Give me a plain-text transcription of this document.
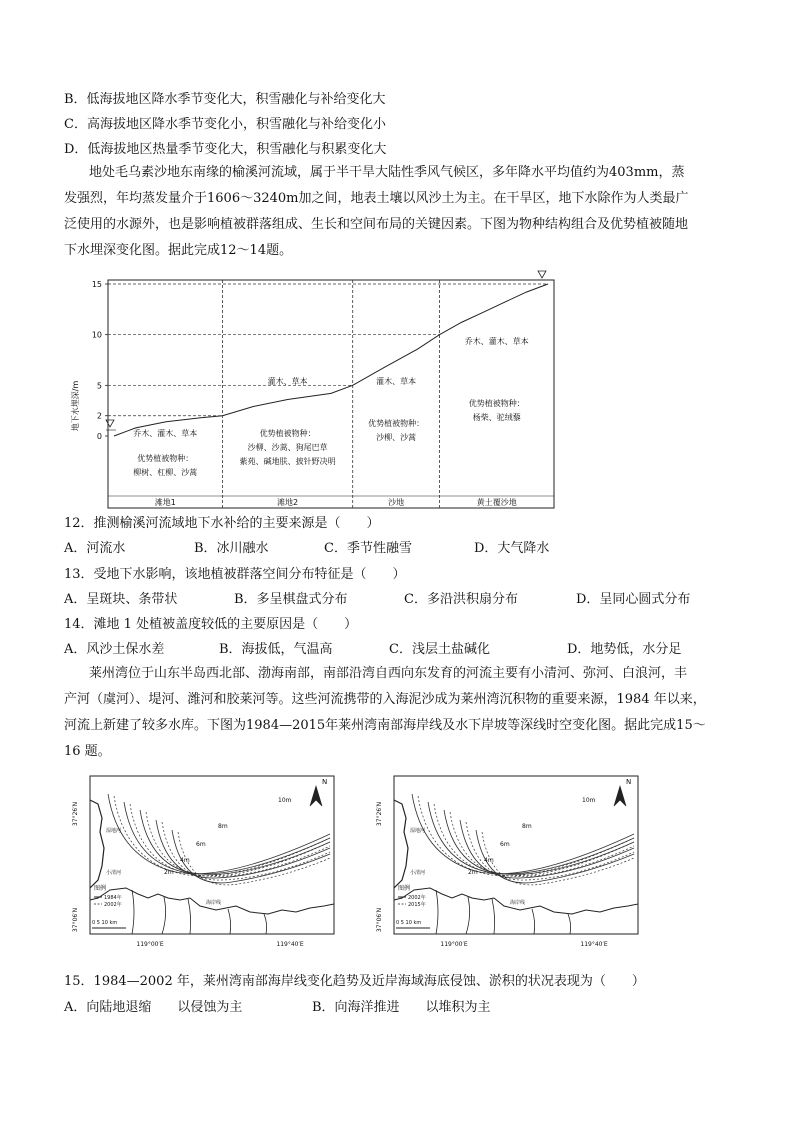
B．低海拔地区降水季节变化大，积雪融化与补给变化大
C．高海拔地区降水季节变化小，积雪融化与补给变化小
D．低海拔地区热量季节变化大，积雪融化与积累变化大
地处毛乌素沙地东南缘的榆溪河流域，属于半干旱大陆性季风气候区，多年降水平均值约为403mm，蒸
发强烈，年均蒸发量介于1606～3240m加之间，地表土壤以风沙土为主。在干旱区，地下水除作为人类最广
泛使用的水源外，也是影响植被群落组成、生长和空间布局的关键因素。下图为物种结构组合及优势植被随地
下水埋深变化图。据此完成12～14题。
地下水埋深/m
0
2
5
10
15
滩地1
乔木、灌木、草本
优势植被物种：
柳树、杠柳、沙蒿
滩地2
灌木、草本
优势植被物种：
沙柳、沙蒿、狗尾巴草
紫苑、碱地肤、披针野决明
沙地
灌木、草本
优势植被物种：
沙柳、沙蒿
黄土覆沙地
乔木、灌木、草本
优势植被物种：
杨柴、驼绒藜
12．推测榆溪河流域地下水补给的主要来源是（　　）
A．河流水	B．冰川融水	C．季节性融雪	D．大气降水
13．受地下水影响，该地植被群落空间分布特征是（　　）
A．呈斑块、条带状	B．多呈棋盘式分布	C．多沿洪积扇分布	D．呈同心圆式分布
14．滩地 1 处植被盖度较低的主要原因是（　　）
A．风沙土保水差	B．海拔低，气温高	C．浅层土盐碱化	D．地势低，水分足
莱州湾位于山东半岛西北部、渤海南部，南部沿湾自西向东发育的河流主要有小清河、弥河、白浪河，丰
产河（虞河）、堤河、潍河和胶莱河等。这些河流携带的入海泥沙成为莱州湾沉积物的重要来源，1984 年以来，
河流上新建了较多水库。下图为1984—2015年莱州湾南部海岸线及水下岸坡等深线时空变化图。据此完成15～
16 题。
37°26′N
37°06′N
119°00′E	119°40′E
10m
8m
6m
4m
2m
湿地河
小清河
海岸线
N
图例
1984年
2002年
0 5 10 km
37°26′N
37°06′N
119°00′E	119°40′E
10m
8m
6m
4m
2m
湿地河
小清河
海岸线
N
图例
2002年
2015年
0 5 10 km
15．1984—2002 年，莱州湾南部海岸线变化趋势及近岸海域海底侵蚀、淤积的状况表现为（　　）
A．向陆地退缩　　以侵蚀为主	B．向海洋推进　　以堆积为主
